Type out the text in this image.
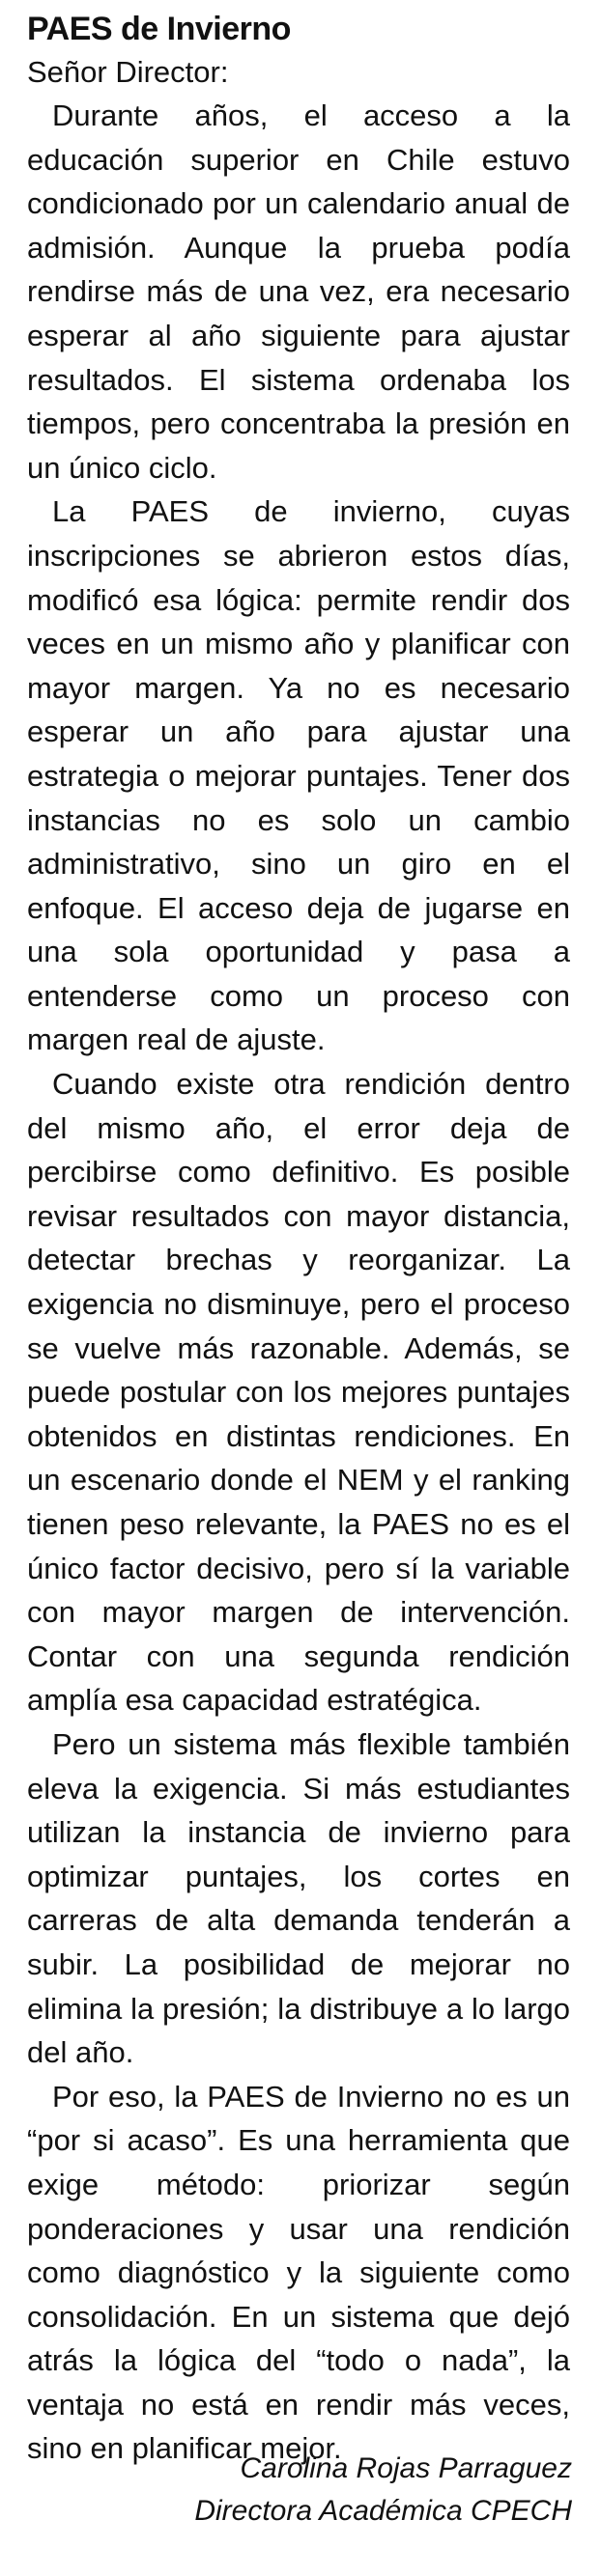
PAES de Invierno

Señor Director:

Durante años, el acceso a la educación superior en Chile estuvo condicionado por un calendario anual de admisión. Aunque la prueba podía rendirse más de una vez, era necesario esperar al año siguiente para ajustar resultados. El sistema ordenaba los tiempos, pero concentraba la presión en un único ciclo.

La PAES de invierno, cuyas inscripciones se abrieron estos días, modificó esa lógica: permite rendir dos veces en un mismo año y planificar con mayor margen. Ya no es necesario esperar un año para ajustar una estrategia o mejorar puntajes. Tener dos instancias no es solo un cambio administrativo, sino un giro en el enfoque. El acceso deja de jugarse en una sola oportunidad y pasa a entenderse como un proceso con margen real de ajuste.

Cuando existe otra rendición dentro del mismo año, el error deja de percibirse como definitivo. Es posible revisar resultados con mayor distancia, detectar brechas y reorganizar. La exigencia no disminuye, pero el proceso se vuelve más razonable. Además, se puede postular con los mejores puntajes obtenidos en distintas rendiciones. En un escenario donde el NEM y el ranking tienen peso relevante, la PAES no es el único factor decisivo, pero sí la variable con mayor margen de intervención. Contar con una segunda rendición amplía esa capacidad estratégica.

Pero un sistema más flexible también eleva la exigencia. Si más estudiantes utilizan la instancia de invierno para optimizar puntajes, los cortes en carreras de alta demanda tenderán a subir. La posibilidad de mejorar no elimina la presión; la distribuye a lo largo del año.

Por eso, la PAES de Invierno no es un “por si acaso”. Es una herramienta que exige método: priorizar según ponderaciones y usar una rendición como diagnóstico y la siguiente como consolidación. En un sistema que dejó atrás la lógica del “todo o nada”, la ventaja no está en rendir más veces, sino en planificar mejor.

Carolina Rojas Parraguez
Directora Académica CPECH
